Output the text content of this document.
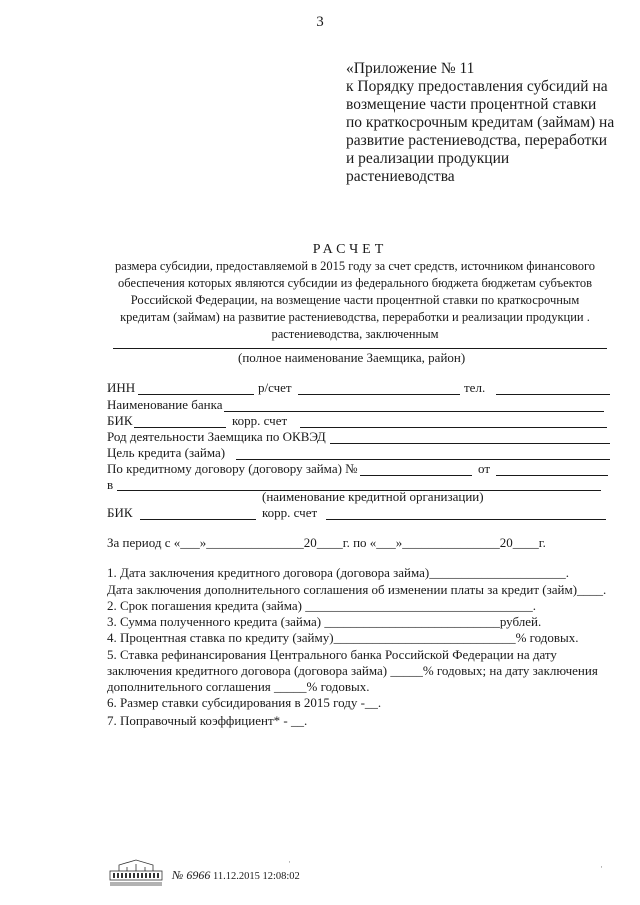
3
«Приложение № 11
к Порядку предоставления субсидий на
возмещение части процентной ставки
по краткосрочным кредитам (займам) на
развитие растениеводства, переработки
и реализации продукции
растениеводства
РАСЧЕТ
размера субсидии, предоставляемой в 2015 году за счет средств, источником финансового
обеспечения которых являются субсидии из федерального бюджета бюджетам субъектов
Российской Федерации, на возмещение части процентной ставки по краткосрочным
кредитам (займам) на развитие растениеводства, переработки и реализации продукции .
растениеводства, заключенным
(полное наименование Заемщика, район)
ИНН	р/счет	тел.
Наименование банка
БИК	корр. счет
Род деятельности Заемщика по ОКВЭД
Цель кредита (займа)
По кредитному договору (договору займа) №	от
в
(наименование кредитной организации)
БИК	корр. счет
За период с «___»_______________20____г. по «___»_______________20____г.
1. Дата заключения кредитного договора (договора займа)_____________________.
Дата заключения дополнительного соглашения об изменении платы за кредит (займ)____.
2. Срок погашения кредита (займа) ___________________________________.
3. Сумма полученного кредита (займа) ___________________________рублей.
4. Процентная ставка по кредиту (займу)____________________________% годовых.
5. Ставка рефинансирования Центрального банка Российской Федерации на дату
заключения кредитного договора (договора займа) _____% годовых; на дату заключения
дополнительного соглашения _____% годовых.
6. Размер ставки субсидирования в 2015 году -__.
7. Поправочный коэффициент* - __.
№ 6966 11.12.2015 12:08:02
·	·
